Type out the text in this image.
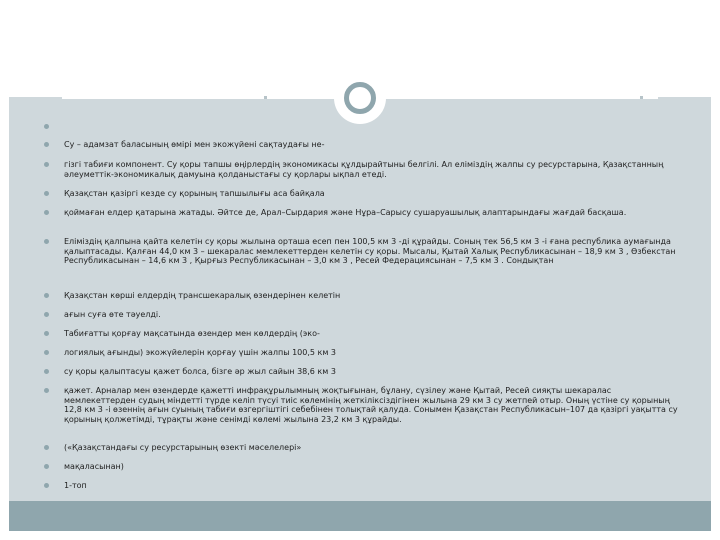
Су – адамзат баласының өмірі мен экожүйені сақтаудағы не-
гізгі табиғи компонент. Су қоры тапшы өңірлердің экономикасы құлдырайтыны белгілі. Ал еліміздің жалпы су ресурстарына, Қазақстанның әлеуметтік-экономикалық дамуына қолданыстағы су қорлары ықпал етеді.
Қазақстан қазіргі кезде су қорының тапшылығы аса байқала
қоймаған елдер қатарына жатады. Әйтсе де, Арал–Сырдария және Нұра–Сарысу сушаруашылық алаптарындағы жағдай басқаша.
Еліміздің қалпына қайта келетін су қоры жылына орташа есеп пен 100,5 км 3 -ді құрайды. Соның тек 56,5 км 3 -і ғана республика аумағында қалыптасады. Қалған 44,0 км 3 – шекаралас мемлекеттерден келетін су қоры. Мысалы, Қытай Халық Республикасынан – 18,9 км 3 , Өзбекстан Республикасынан – 14,6 км 3 , Қырғыз Республикасынан – 3,0 км 3 , Ресей Федерациясынан – 7,5 км 3 . Сондықтан
Қазақстан көрші елдердің трансшекаралық өзендерінен келетін
ағын суға өте тәуелді.
Табиғатты қорғау мақсатында өзендер мен көлдердің (эко-
логиялық ағынды) экожүйелерін қорғау үшін жалпы 100,5 км 3
су қоры қалыптасуы қажет болса, бізге әр жыл сайын 38,6 км 3
қажет. Арналар мен өзендерде қажетті инфрақұрылымның жоқтығынан, бұлану, сүзілеу және Қытай, Ресей сияқты шекаралас мемлекеттерден судың міндетті түрде келіп түсуі тиіс көлемінің жеткіліксіздігінен жылына 29 км 3 су жетпей отыр. Оның үстіне су қорының 12,8 км 3 -і өзеннің ағын суының табиғи өзгергіштігі себебінен толықтай қалуда. Сонымен Қазақстан Республикасын–107 да қазіргі уақытта су қорының қолжетімді, тұрақты және сенімді көлемі жылына 23,2 км 3 құрайды.
(«Қазақстандағы су ресурстарының өзекті мәселелері»
мақаласынан)
1-топ
